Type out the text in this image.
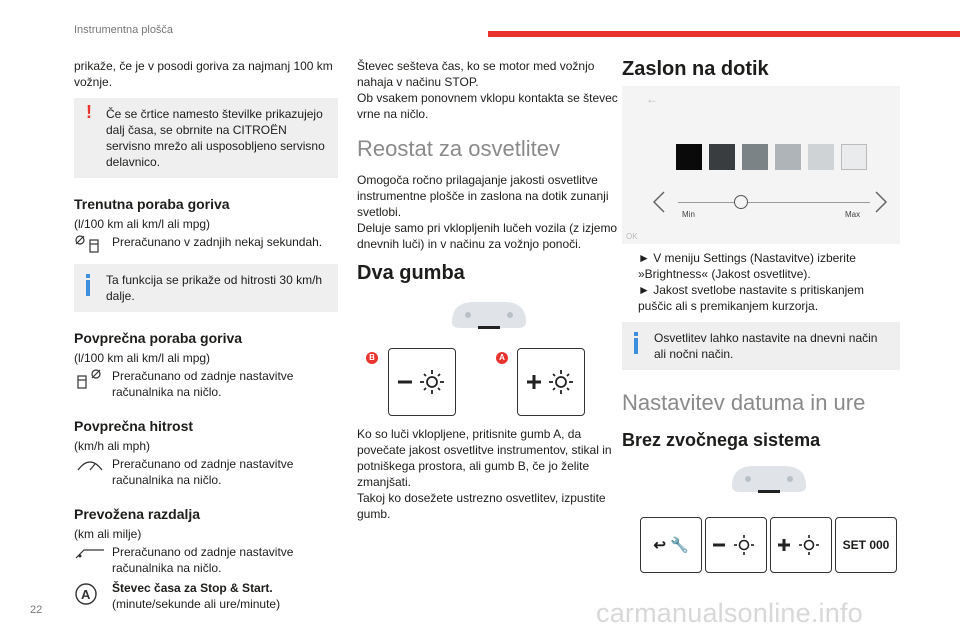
Instrumentna plošča

prikaže, če je v posodi goriva za najmanj 100 km vožnje.

! Če se črtice namesto številke prikazujejo dalj časa, se obrnite na CITROËN servisno mrežo ali usposobljeno servisno delavnico.
Trenutna poraba goriva

(l/100 km ali km/l ali mpg)

Preračunano v zadnjih nekaj sekundah.
Ta funkcija se prikaže od hitrosti 30 km/h dalje.
Povprečna poraba goriva

(l/100 km ali km/l ali mpg)

Preračunano od zadnje nastavitve računalnika na ničlo.
Povprečna hitrost

(km/h ali mph)

Preračunano od zadnje nastavitve računalnika na ničlo.
Prevožena razdalja

(km ali milje)

Preračunano od zadnje nastavitve računalnika na ničlo.
A Števec časa za Stop & Start.
(minute/sekunde ali ure/minute)

Števec sešteva čas, ko se motor med vožnjo nahaja v načinu STOP.

Ob vsakem ponovnem vklopu kontakta se števec vrne na ničlo.

Reostat za osvetlitev

Omogoča ročno prilagajanje jakosti osvetlitve instrumentne plošče in zaslona na dotik zunanji svetlobi.

Deluje samo pri vklopljenih lučeh vozila (z izjemo dnevnih luči) in v načinu za vožnjo ponoči.

Dva gumba
B	A

Ko so luči vklopljene, pritisnite gumb A, da povečate jakost osvetlitve instrumentov, stikal in potniškega prostora, ali gumb B, če jo želite zmanjšati.

Takoj ko dosežete ustrezno osvetlitev, izpustite gumb.

Zaslon na dotik
←
Min	Max
OK

► V meniju Settings (Nastavitve) izberite »Brightness« (Jakost osvetlitve).

► Jakost svetlobe nastavite s pritiskanjem puščic ali s premikanjem kurzorja.

Osvetlitev lahko nastavite na dnevni način ali nočni način.
Nastavitev datuma in ure
Brez zvočnega sistema
↩ 🔧	SET 000
22	carmanualsonline.info
